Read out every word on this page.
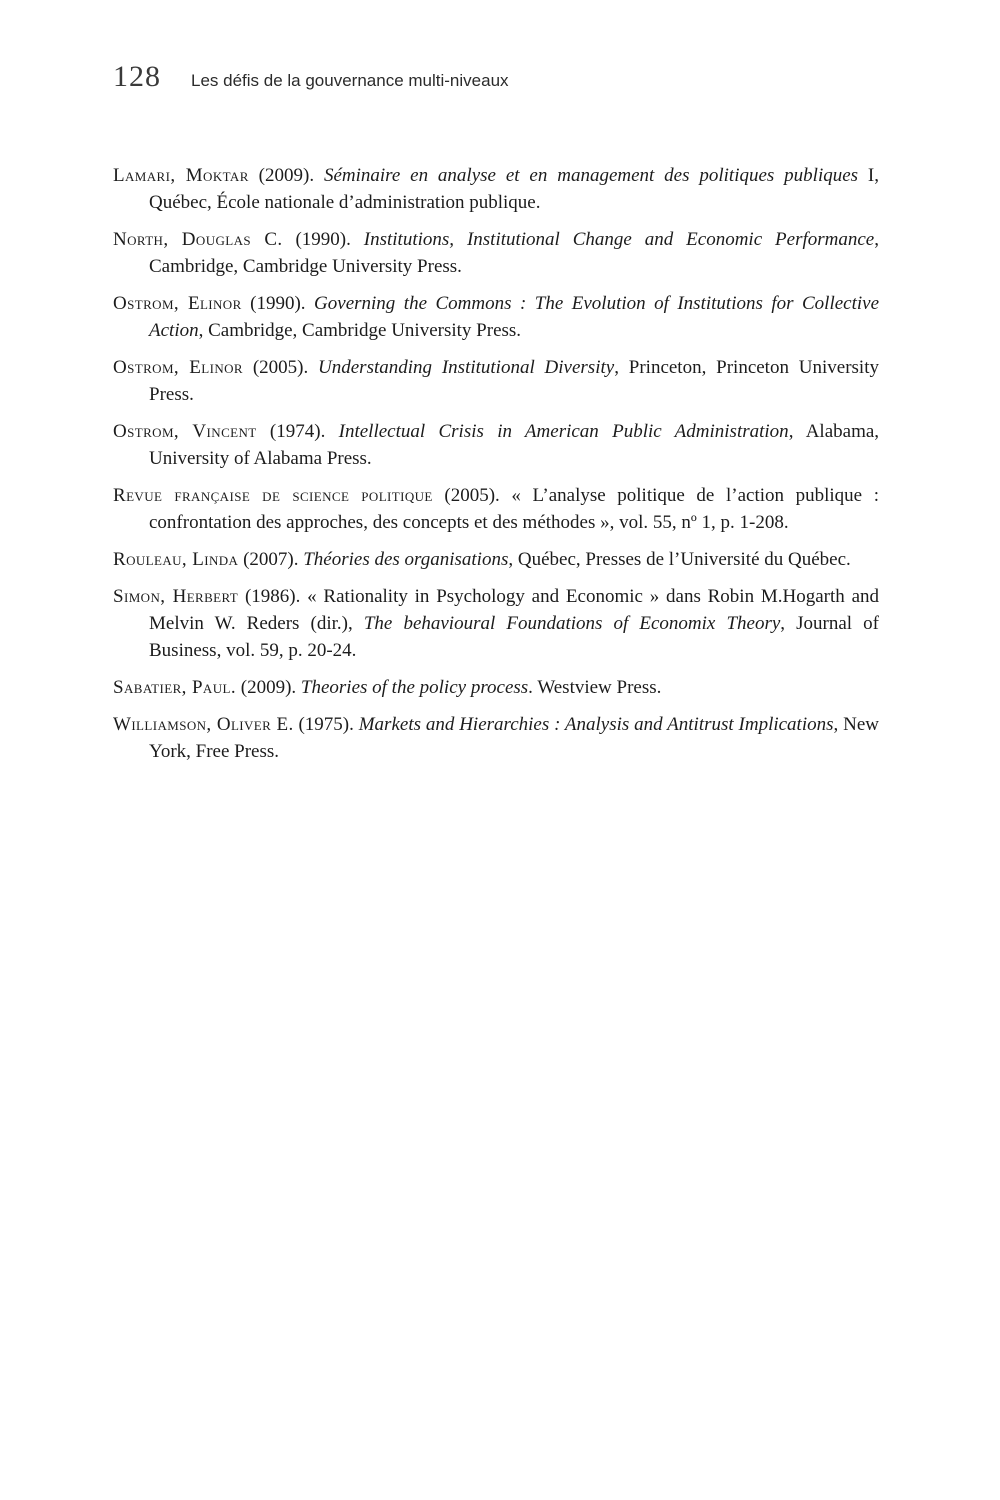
128 Les défis de la gouvernance multi-niveaux

Lamari, Moktar (2009). Séminaire en analyse et en management des politiques publiques I, Québec, École nationale d’administration publique.

North, Douglas C. (1990). Institutions, Institutional Change and Economic Performance, Cambridge, Cambridge University Press.

Ostrom, Elinor (1990). Governing the Commons : The Evolution of Institutions for Collective Action, Cambridge, Cambridge University Press.

Ostrom, Elinor (2005). Understanding Institutional Diversity, Princeton, Princeton University Press.

Ostrom, Vincent (1974). Intellectual Crisis in American Public Administration, Alabama, University of Alabama Press.

Revue française de science politique (2005). « L’analyse politique de l’action publique : confrontation des approches, des concepts et des méthodes », vol. 55, nº 1, p. 1-208.

Rouleau, Linda (2007). Théories des organisations, Québec, Presses de l’Université du Québec.

Simon, Herbert (1986). « Rationality in Psychology and Economic » dans Robin M.Hogarth and Melvin W. Reders (dir.), The behavioural Foundations of Economix Theory, Journal of Business, vol. 59, p. 20-24.

Sabatier, Paul. (2009). Theories of the policy process. Westview Press.

Williamson, Oliver E. (1975). Markets and Hierarchies : Analysis and Antitrust Implications, New York, Free Press.
